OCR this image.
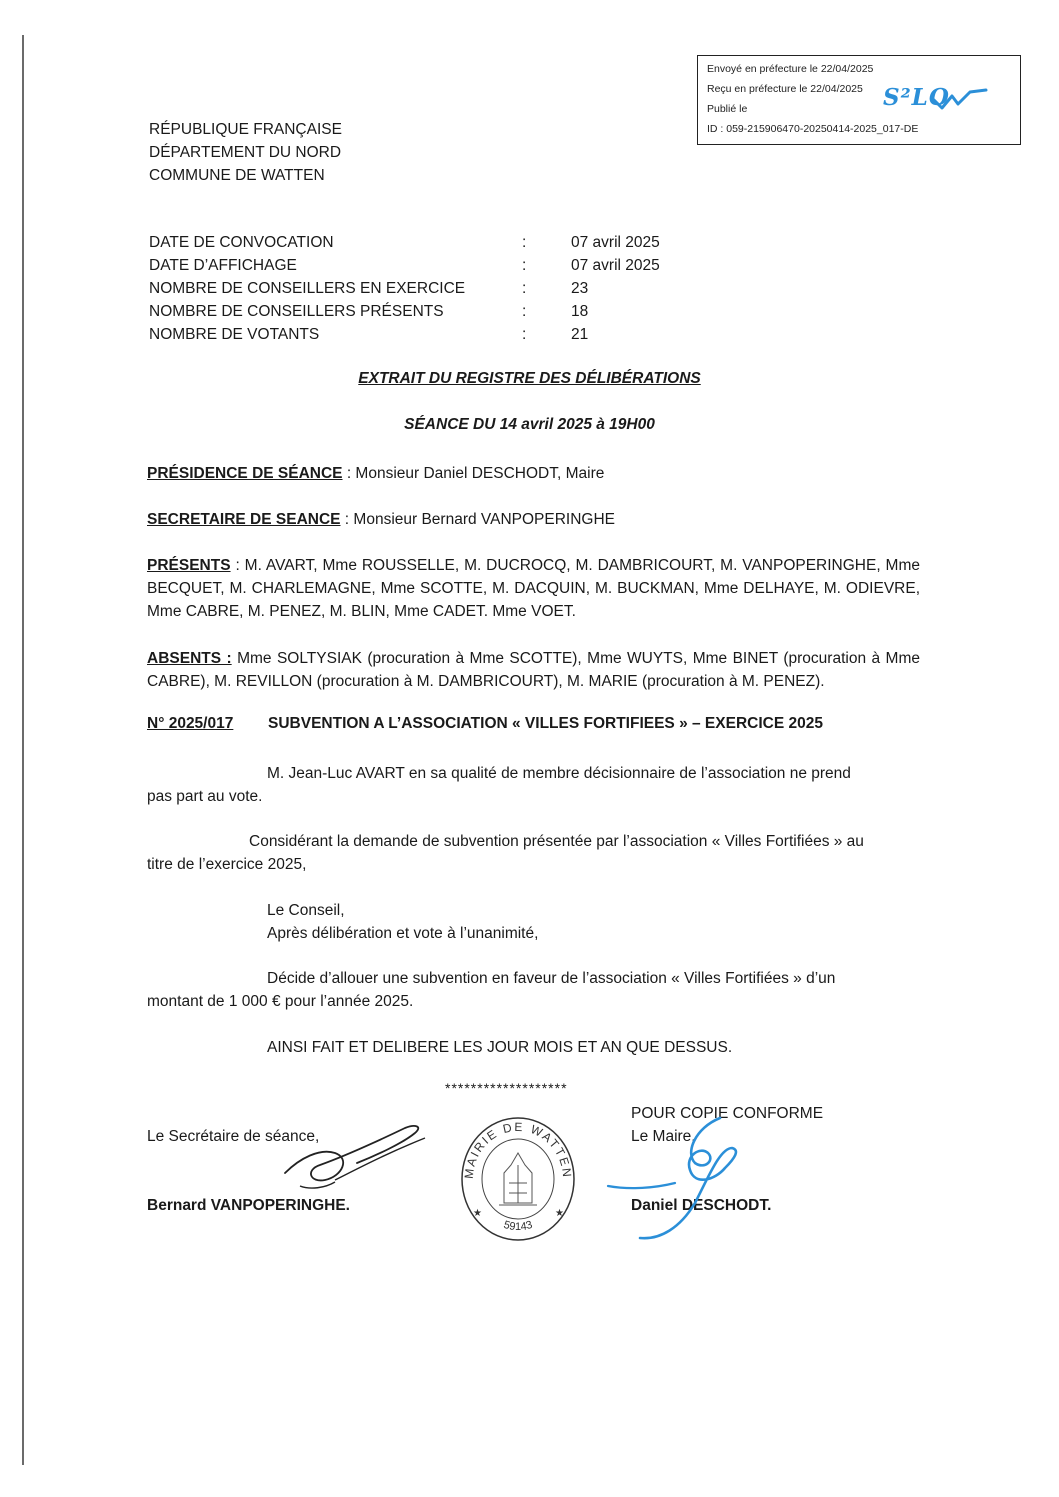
Envoyé en préfecture le 22/04/2025
Reçu en préfecture le 22/04/2025
Publié le
ID : 059-215906470-20250414-2025_017-DE
S²LO
RÉPUBLIQUE FRANÇAISE
DÉPARTEMENT DU NORD
COMMUNE DE WATTEN
DATE DE CONVOCATION	:	07 avril 2025
DATE D’AFFICHAGE	:	07 avril 2025
NOMBRE DE CONSEILLERS EN EXERCICE	:	23
NOMBRE DE CONSEILLERS PRÉSENTS	:	18
NOMBRE DE VOTANTS	:	21
EXTRAIT DU REGISTRE DES DÉLIBÉRATIONS
SÉANCE DU 14 avril 2025 à 19H00
PRÉSIDENCE DE SÉANCE : Monsieur Daniel DESCHODT, Maire
SECRETAIRE DE SEANCE : Monsieur Bernard VANPOPERINGHE
PRÉSENTS : M. AVART, Mme ROUSSELLE, M. DUCROCQ, M. DAMBRICOURT, M. VANPOPERINGHE, Mme BECQUET, M. CHARLEMAGNE, Mme SCOTTE, M. DACQUIN, M. BUCKMAN, Mme DELHAYE, M. ODIEVRE, Mme CABRE, M. PENEZ, M. BLIN, Mme CADET. Mme VOET.
ABSENTS : Mme SOLTYSIAK (procuration à Mme SCOTTE), Mme WUYTS, Mme BINET (procuration à Mme CABRE), M. REVILLON (procuration à M. DAMBRICOURT), M. MARIE (procuration à M. PENEZ).
N° 2025/017 SUBVENTION A L’ASSOCIATION « VILLES FORTIFIEES » – EXERCICE 2025
M. Jean-Luc AVART en sa qualité de membre décisionnaire de l’association ne prend
pas part au vote.
Considérant la demande de subvention présentée par l’association « Villes Fortifiées » au
titre de l’exercice 2025,
Le Conseil,
Après délibération et vote à l’unanimité,
Décide d’allouer une subvention en faveur de l’association « Villes Fortifiées » d’un
montant de 1 000 € pour l’année 2025.
AINSI FAIT ET DELIBERE LES JOUR MOIS ET AN QUE DESSUS.
*******************
POUR COPIE CONFORME
Le Maire,
Daniel DESCHODT.
Le Secrétaire de séance,
Bernard VANPOPERINGHE.
MAIRIE DE WATTEN
59143
★	★
